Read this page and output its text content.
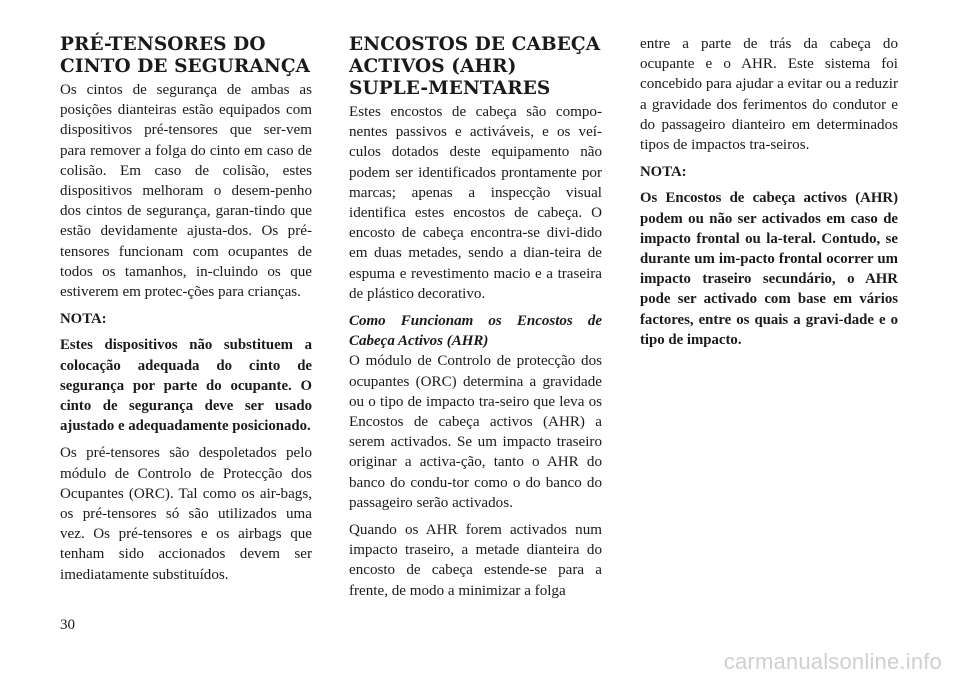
PRÉ-TENSORES DO CINTO DE SEGURANÇA

Os cintos de segurança de ambas as posições dianteiras estão equipados com dispositivos pré-tensores que ser-vem para remover a folga do cinto em caso de colisão. Em caso de colisão, estes dispositivos melhoram o desem-penho dos cintos de segurança, garan-tindo que estão devidamente ajusta-dos. Os pré-tensores funcionam com ocupantes de todos os tamanhos, in-cluindo os que estiverem em protec-ções para crianças.

NOTA:

Estes dispositivos não substituem a colocação adequada do cinto de segurança por parte do ocupante. O cinto de segurança deve ser usado ajustado e adequadamente posicionado.

Os pré-tensores são despoletados pelo módulo de Controlo de Protecção dos Ocupantes (ORC). Tal como os air-bags, os pré-tensores só são utilizados uma vez. Os pré-tensores e os airbags que tenham sido accionados devem ser imediatamente substituídos.

ENCOSTOS DE CABEÇA ACTIVOS (AHR) SUPLE-MENTARES

Estes encostos de cabeça são compo-nentes passivos e activáveis, e os veí-culos dotados deste equipamento não podem ser identificados prontamente por marcas; apenas a inspecção visual identifica estes encostos de cabeça. O encosto de cabeça encontra-se divi-dido em duas metades, sendo a dian-teira de espuma e revestimento macio e a traseira de plástico decorativo.

Como Funcionam os Encostos de Cabeça Activos (AHR)

O módulo de Controlo de protecção dos ocupantes (ORC) determina a gravidade ou o tipo de impacto tra-seiro que leva os Encostos de cabeça activos (AHR) a serem activados. Se um impacto traseiro originar a activa-ção, tanto o AHR do banco do condu-tor como o do banco do passageiro serão activados.

Quando os AHR forem activados num impacto traseiro, a metade dianteira do encosto de cabeça estende-se para a frente, de modo a minimizar a folga

entre a parte de trás da cabeça do ocupante e o AHR. Este sistema foi concebido para ajudar a evitar ou a reduzir a gravidade dos ferimentos do condutor e do passageiro dianteiro em determinados tipos de impactos tra-seiros.

NOTA:

Os Encostos de cabeça activos (AHR) podem ou não ser activados em caso de impacto frontal ou la-teral. Contudo, se durante um im-pacto frontal ocorrer um impacto traseiro secundário, o AHR pode ser activado com base em vários factores, entre os quais a gravi-dade e o tipo de impacto.

30
carmanualsonline.info
